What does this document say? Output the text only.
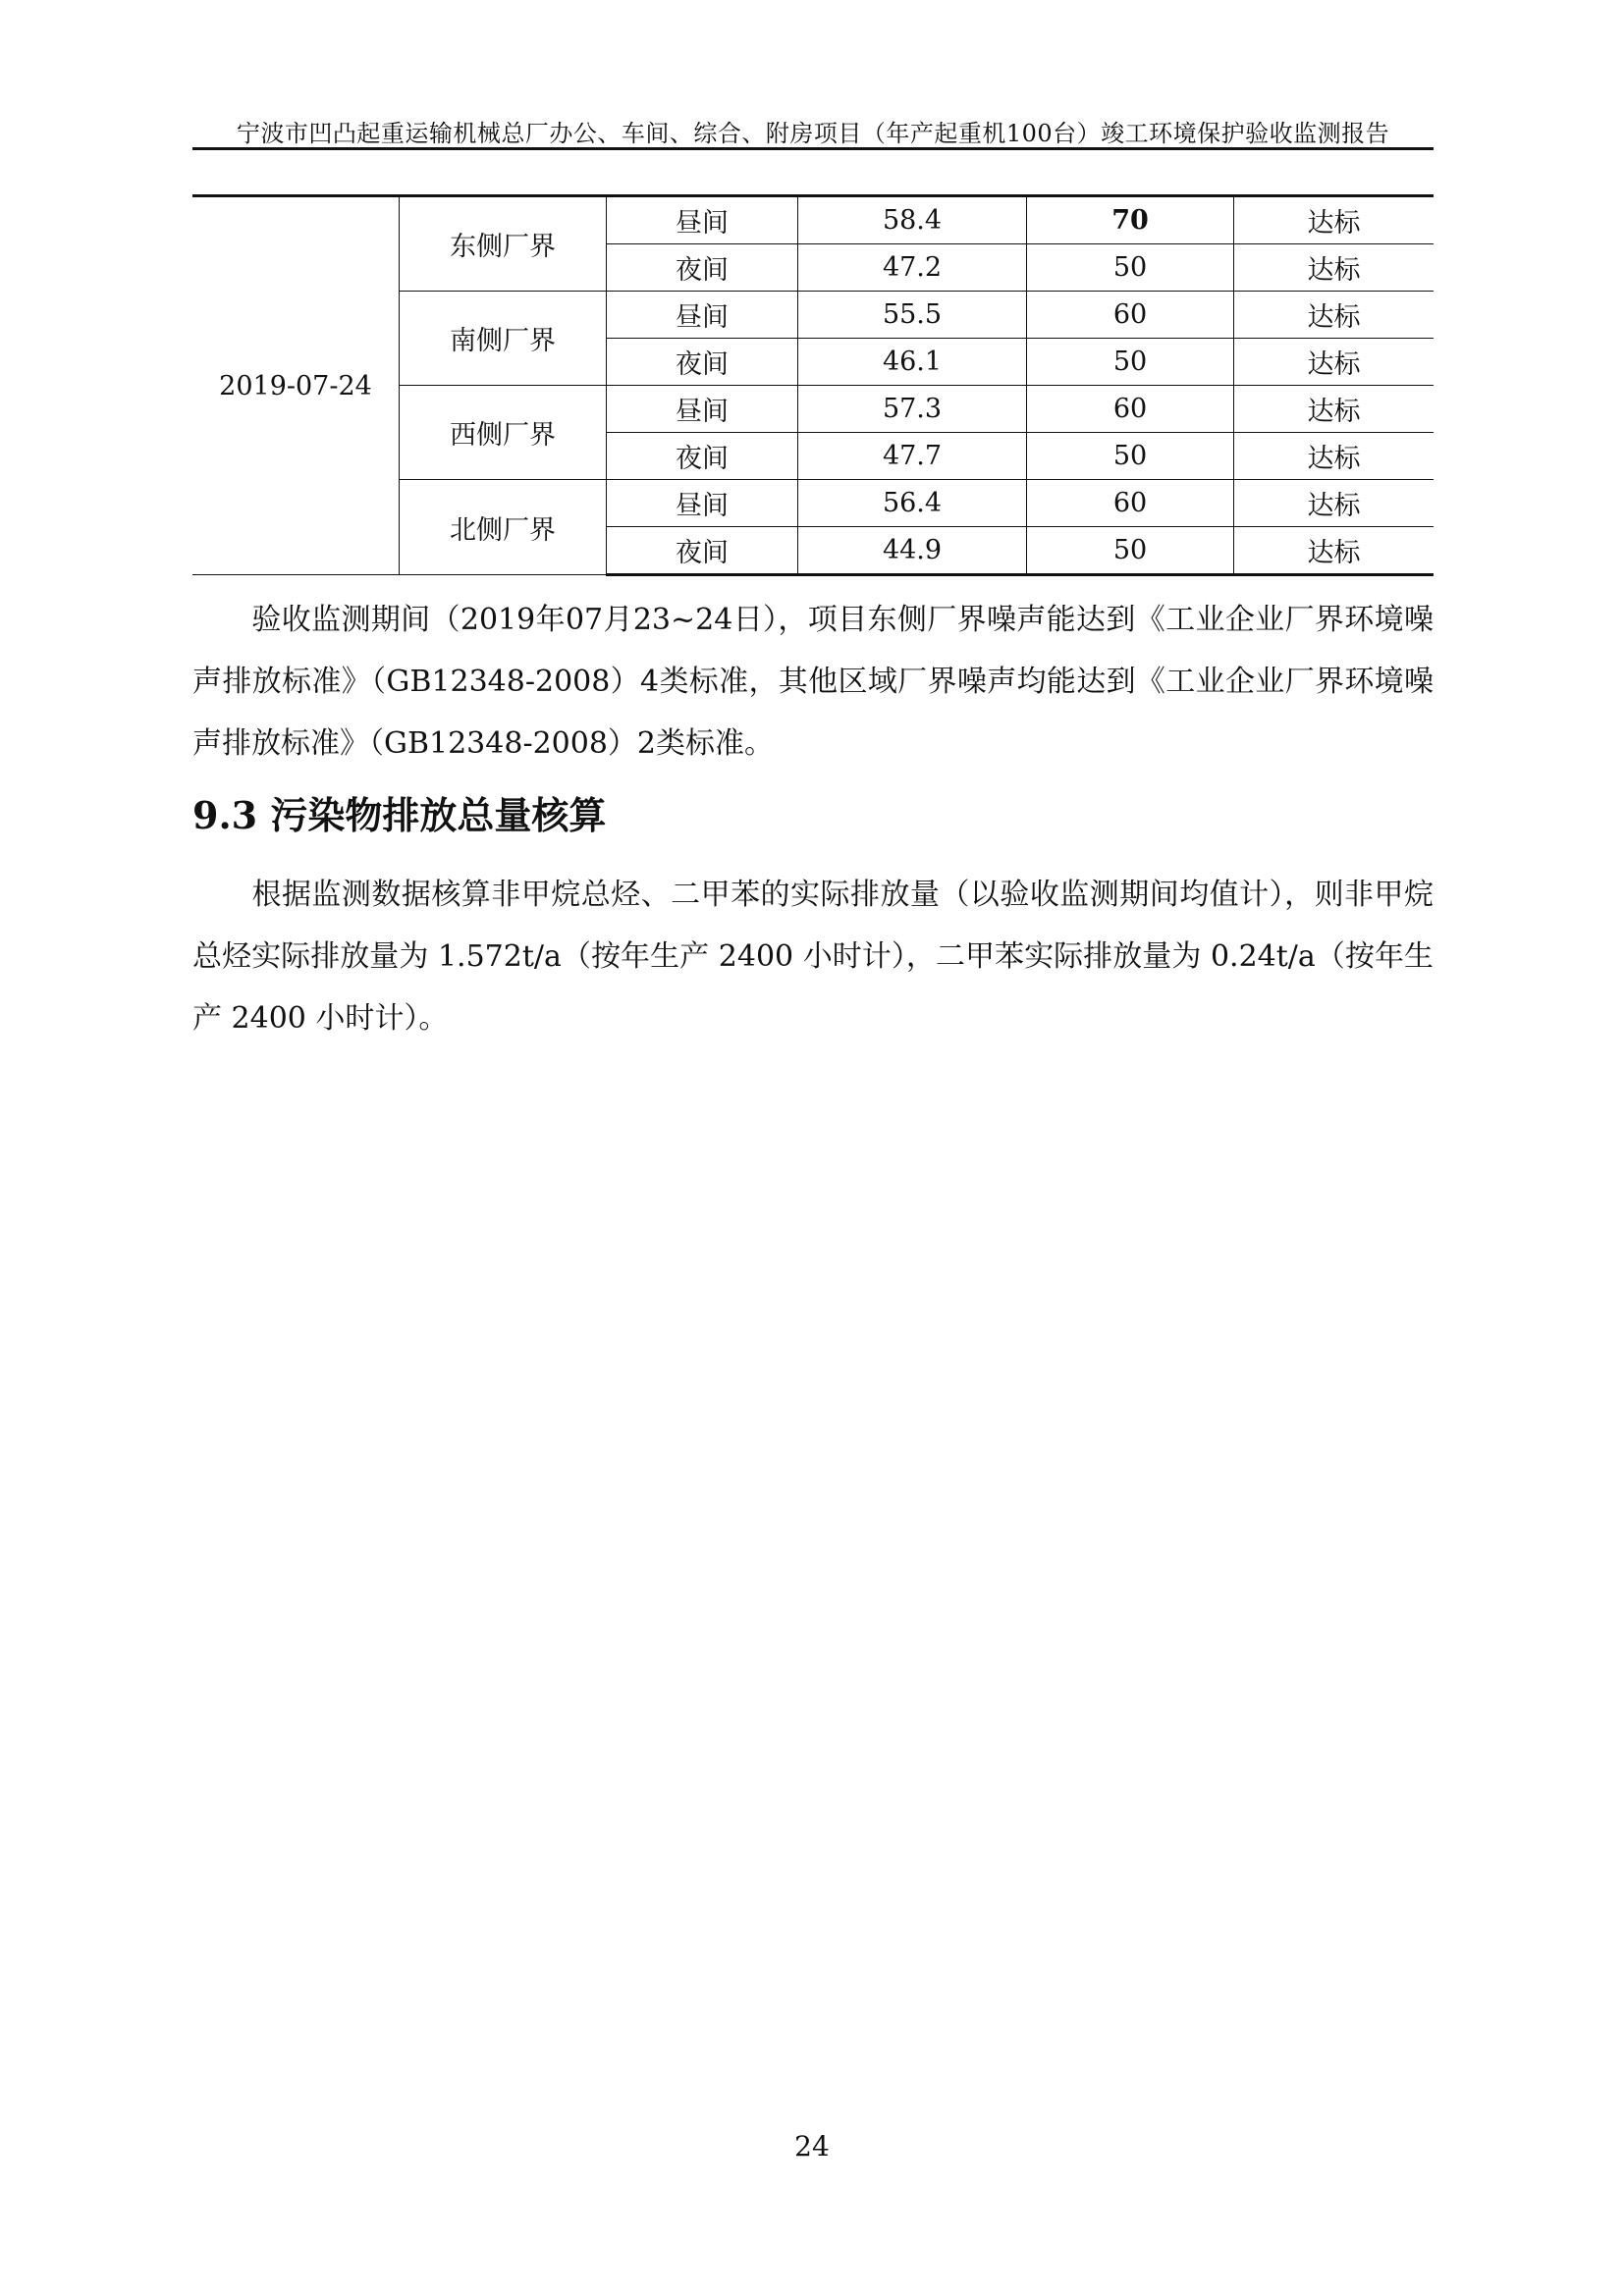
宁波市凹凸起重运输机械总厂办公、车间、综合、附房项目（年产起重机100台）竣工环境保护验收监测报告
2019-07-24	东侧厂界	昼间	58.4	70	达标
		夜间	47.2	50	达标
	南侧厂界	昼间	55.5	60	达标
		夜间	46.1	50	达标
	西侧厂界	昼间	57.3	60	达标
		夜间	47.7	50	达标
	北侧厂界	昼间	56.4	60	达标
		夜间	44.9	50	达标
验收监测期间（2019年07月23~24日），项目东侧厂界噪声能达到《工业企业厂界环境噪声排放标准》（GB12348-2008）4类标准，其他区域厂界噪声均能达到《工业企业厂界环境噪声排放标准》（GB12348-2008）2类标准。
9.3 污染物排放总量核算
根据监测数据核算非甲烷总烃、二甲苯的实际排放量（以验收监测期间均值计），则非甲烷总烃实际排放量为 1.572t/a（按年生产 2400 小时计），二甲苯实际排放量为 0.24t/a（按年生产 2400 小时计）。
24
